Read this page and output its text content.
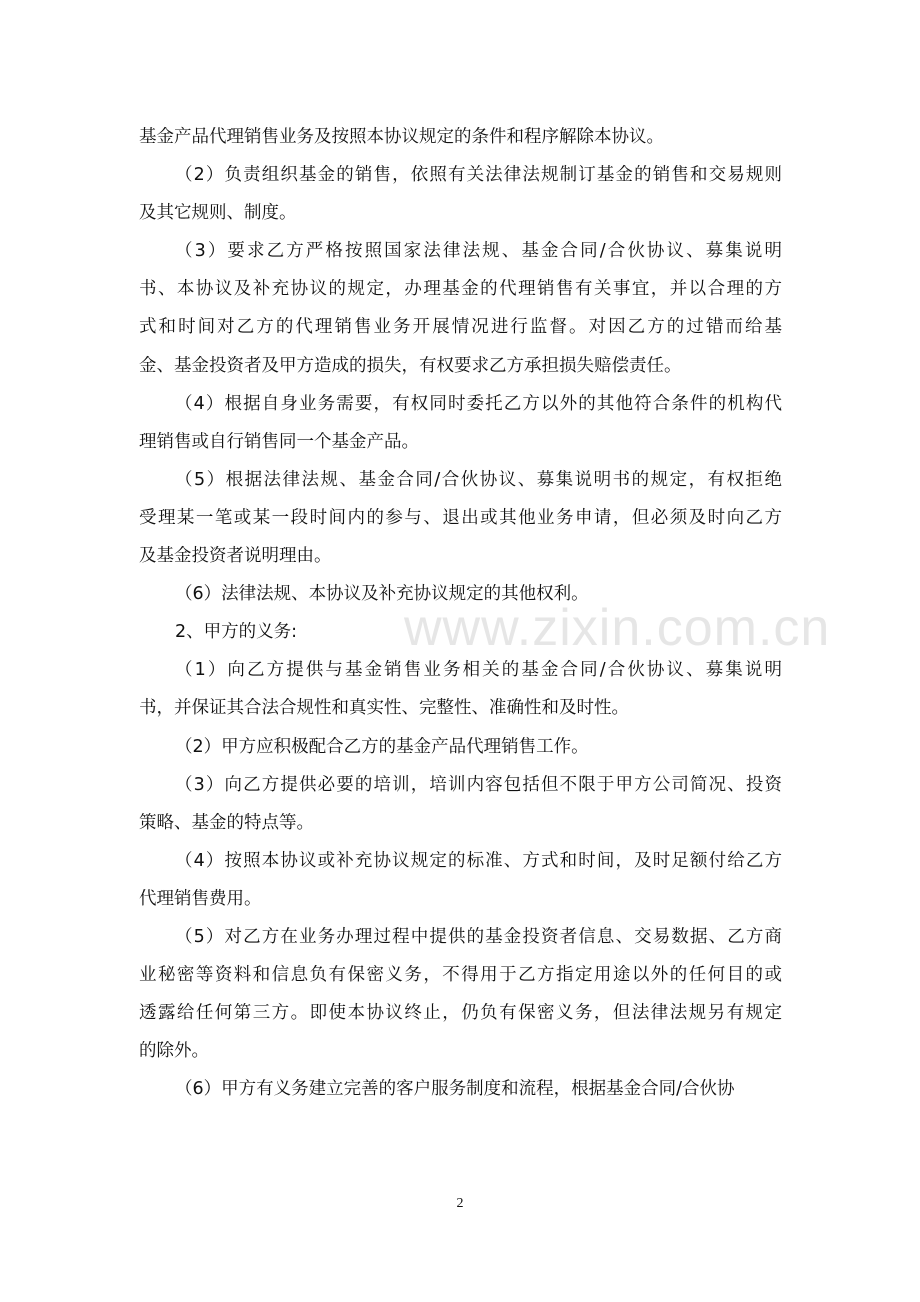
基金产品代理销售业务及按照本协议规定的条件和程序解除本协议。
（2）负责组织基金的销售，依照有关法律法规制订基金的销售和交易规则
及其它规则、制度。
（3）要求乙方严格按照国家法律法规、基金合同/合伙协议、募集说明
书、本协议及补充协议的规定，办理基金的代理销售有关事宜，并以合理的方
式和时间对乙方的代理销售业务开展情况进行监督。对因乙方的过错而给基
金、基金投资者及甲方造成的损失，有权要求乙方承担损失赔偿责任。
（4）根据自身业务需要，有权同时委托乙方以外的其他符合条件的机构代
理销售或自行销售同一个基金产品。
（5）根据法律法规、基金合同/合伙协议、募集说明书的规定，有权拒绝
受理某一笔或某一段时间内的参与、退出或其他业务申请，但必须及时向乙方
及基金投资者说明理由。
（6）法律法规、本协议及补充协议规定的其他权利。
2、甲方的义务:
（1）向乙方提供与基金销售业务相关的基金合同/合伙协议、募集说明
书，并保证其合法合规性和真实性、完整性、准确性和及时性。
（2）甲方应积极配合乙方的基金产品代理销售工作。
（3）向乙方提供必要的培训，培训内容包括但不限于甲方公司简况、投资
策略、基金的特点等。
（4）按照本协议或补充协议规定的标准、方式和时间，及时足额付给乙方
代理销售费用。
（5）对乙方在业务办理过程中提供的基金投资者信息、交易数据、乙方商
业秘密等资料和信息负有保密义务，不得用于乙方指定用途以外的任何目的或
透露给任何第三方。即使本协议终止，仍负有保密义务，但法律法规另有规定
的除外。
（6）甲方有义务建立完善的客户服务制度和流程，根据基金合同/合伙协
www.zixin.com.cn
2
